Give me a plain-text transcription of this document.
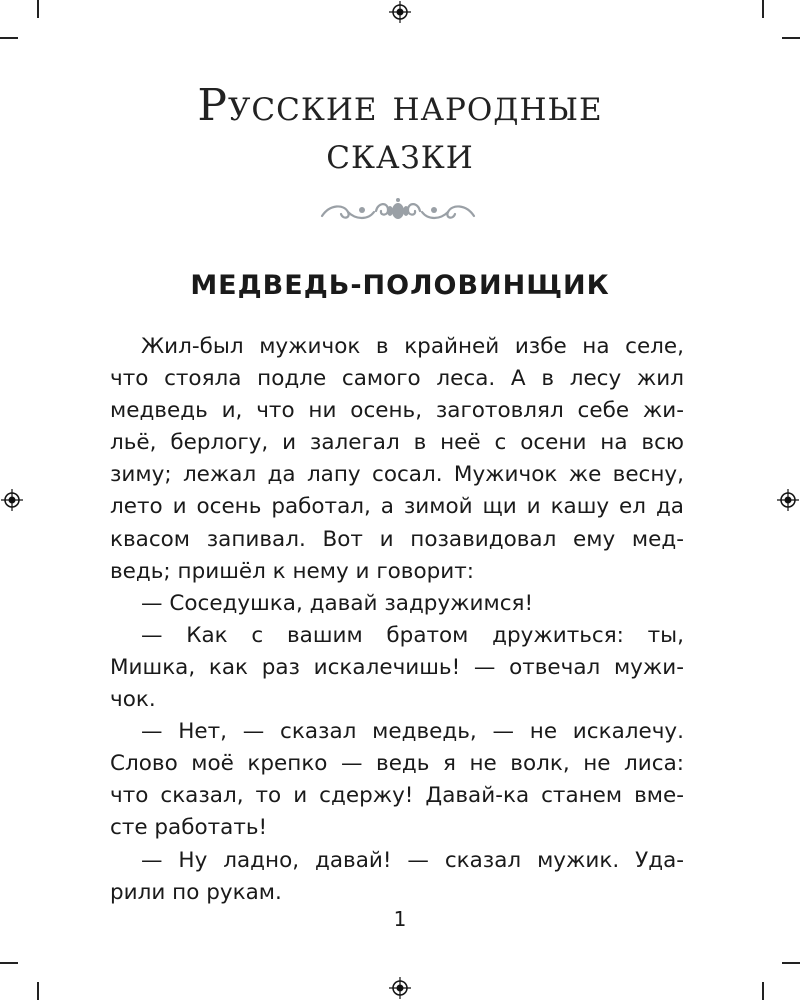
Русские народные
сказки
МЕДВЕДЬ-ПОЛОВИНЩИК
Жил-был мужичок в крайней избе на селе,
что стояла подле самого леса. А в лесу жил
медведь и, что ни осень, заготовлял себе жи-
льё, берлогу, и залегал в неё с осени на всю
зиму; лежал да лапу сосал. Мужичок же весну,
лето и осень работал, а зимой щи и кашу ел да
квасом запивал. Вот и позавидовал ему мед-
ведь; пришёл к нему и говорит:
— Соседушка, давай задружимся!
— Как с вашим братом дружиться: ты,
Мишка, как раз искалечишь! — отвечал мужи-
чок.
— Нет, — сказал медведь, — не искалечу.
Слово моё крепко — ведь я не волк, не лиса:
что сказал, то и сдержу! Давай-ка станем вме-
сте работать!
— Ну ладно, давай! — сказал мужик. Уда-
рили по рукам.
1
